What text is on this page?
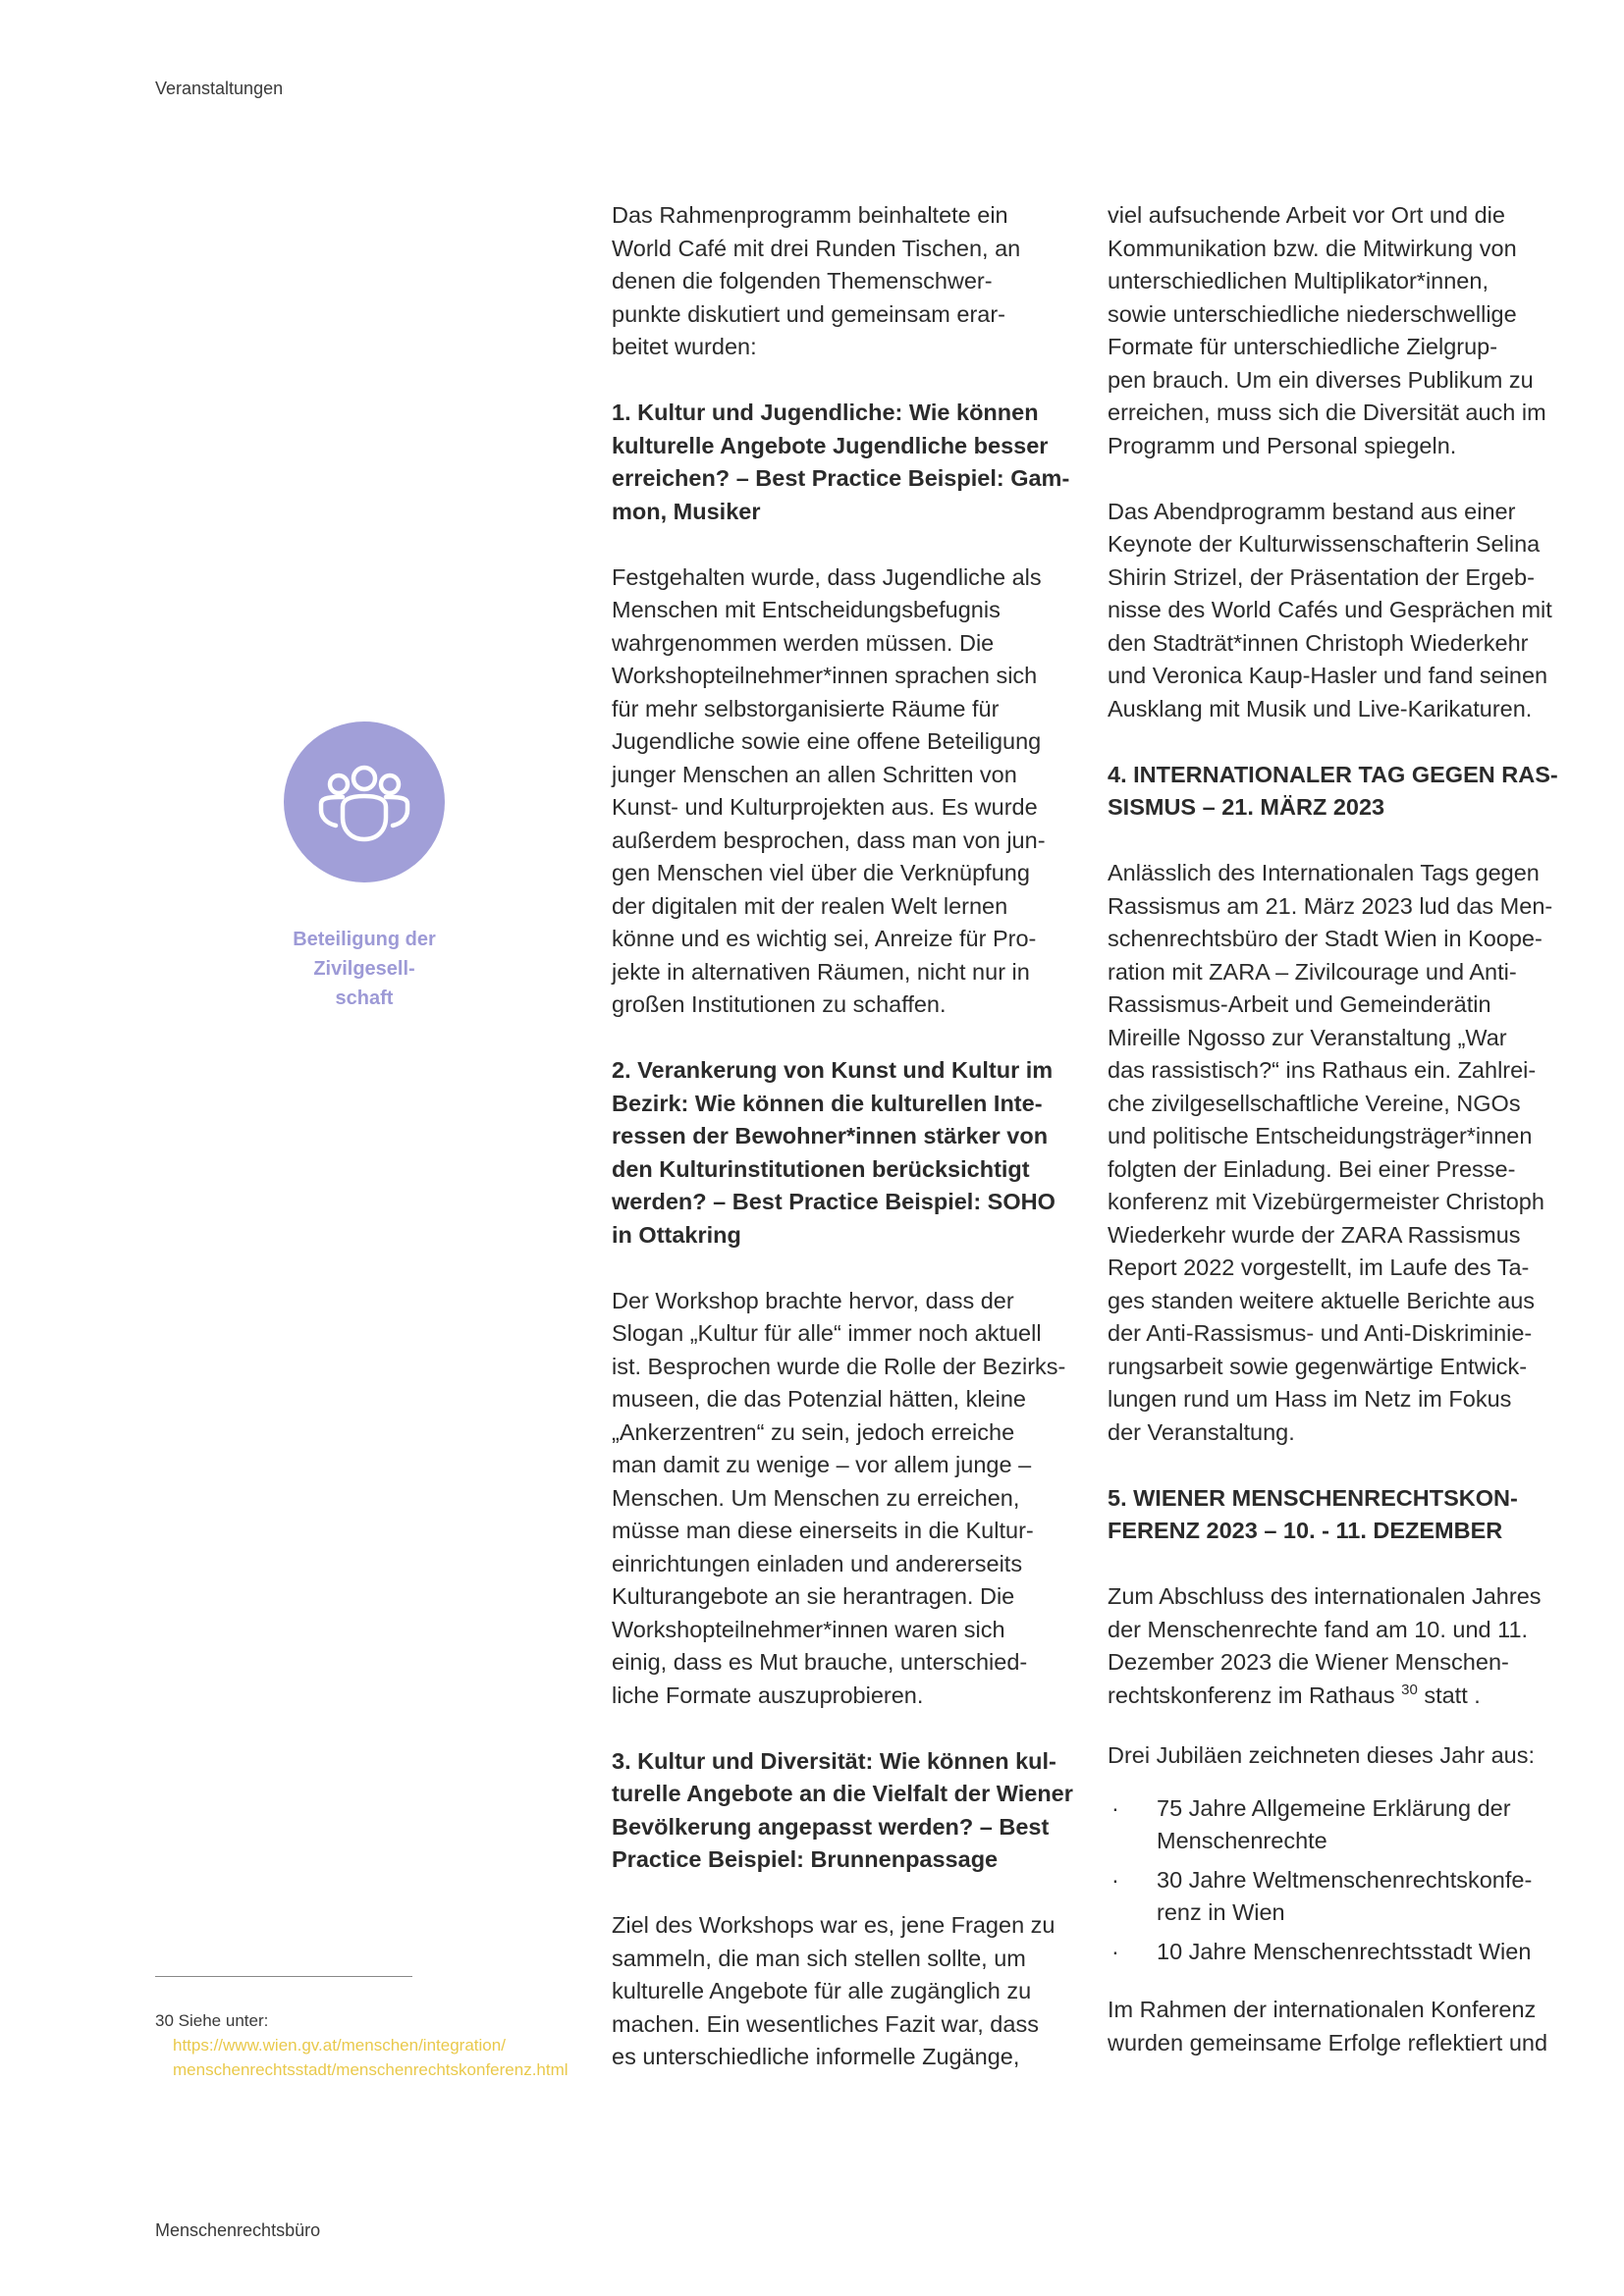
Veranstaltungen
Beteiligung der
Zivilgesell-
schaft
30 Siehe unter:
https://www.wien.gv.at/menschen/integration/
menschenrechtsstadt/menschenrechtskonferenz.html
Das Rahmenprogramm beinhaltete ein
World Café mit drei Runden Tischen, an
denen die folgenden Themenschwer-
punkte diskutiert und gemeinsam erar-
beitet wurden:
1. Kultur und Jugendliche: Wie können
kulturelle Angebote Jugendliche besser
erreichen? – Best Practice Beispiel: Gam-
mon, Musiker
Festgehalten wurde, dass Jugendliche als
Menschen mit Entscheidungsbefugnis
wahrgenommen werden müssen. Die
Workshopteilnehmer*innen sprachen sich
für mehr selbstorganisierte Räume für
Jugendliche sowie eine offene Beteiligung
junger Menschen an allen Schritten von
Kunst- und Kulturprojekten aus. Es wurde
außerdem besprochen, dass man von jun-
gen Menschen viel über die Verknüpfung
der digitalen mit der realen Welt lernen
könne und es wichtig sei, Anreize für Pro-
jekte in alternativen Räumen, nicht nur in
großen Institutionen zu schaffen.
2. Verankerung von Kunst und Kultur im
Bezirk: Wie können die kulturellen Inte-
ressen der Bewohner*innen stärker von
den Kulturinstitutionen berücksichtigt
werden? – Best Practice Beispiel: SOHO
in Ottakring
Der Workshop brachte hervor, dass der
Slogan „Kultur für alle“ immer noch aktuell
ist. Besprochen wurde die Rolle der Bezirks-
museen, die das Potenzial hätten, kleine
„Ankerzentren“ zu sein, jedoch erreiche
man damit zu wenige – vor allem junge –
Menschen. Um Menschen zu erreichen,
müsse man diese einerseits in die Kultur-
einrichtungen einladen und andererseits
Kulturangebote an sie herantragen. Die
Workshopteilnehmer*innen waren sich
einig, dass es Mut brauche, unterschied-
liche Formate auszuprobieren.
3. Kultur und Diversität: Wie können kul-
turelle Angebote an die Vielfalt der Wiener
Bevölkerung angepasst werden? – Best
Practice Beispiel: Brunnenpassage
Ziel des Workshops war es, jene Fragen zu
sammeln, die man sich stellen sollte, um
kulturelle Angebote für alle zugänglich zu
machen. Ein wesentliches Fazit war, dass
es unterschiedliche informelle Zugänge,
viel aufsuchende Arbeit vor Ort und die
Kommunikation bzw. die Mitwirkung von
unterschiedlichen Multiplikator*innen,
sowie unterschiedliche niederschwellige
Formate für unterschiedliche Zielgrup-
pen brauch. Um ein diverses Publikum zu
erreichen, muss sich die Diversität auch im
Programm und Personal spiegeln.
Das Abendprogramm bestand aus einer
Keynote der Kulturwissenschafterin Selina
Shirin Strizel, der Präsentation der Ergeb-
nisse des World Cafés und Gesprächen mit
den Stadträt*innen Christoph Wiederkehr
und Veronica Kaup-Hasler und fand seinen
Ausklang mit Musik und Live-Karikaturen.
4. INTERNATIONALER TAG GEGEN RAS-
SISMUS – 21. MÄRZ 2023
Anlässlich des Internationalen Tags gegen
Rassismus am 21. März 2023 lud das Men-
schenrechtsbüro der Stadt Wien in Koope-
ration mit ZARA – Zivilcourage und Anti-
Rassismus-Arbeit und Gemeinderätin
Mireille Ngosso zur Veranstaltung „War
das rassistisch?“ ins Rathaus ein. Zahlrei-
che zivilgesellschaftliche Vereine, NGOs
und politische Entscheidungsträger*innen
folgten der Einladung. Bei einer Presse-
konferenz mit Vizebürgermeister Christoph
Wiederkehr wurde der ZARA Rassismus
Report 2022 vorgestellt, im Laufe des Ta-
ges standen weitere aktuelle Berichte aus
der Anti-Rassismus- und Anti-Diskriminie-
rungsarbeit sowie gegenwärtige Entwick-
lungen rund um Hass im Netz im Fokus
der Veranstaltung.
5. WIENER MENSCHENRECHTSKON-
FERENZ 2023 – 10. - 11. DEZEMBER
Zum Abschluss des internationalen Jahres
der Menschenrechte fand am 10. und 11.
Dezember 2023 die Wiener Menschen-
rechtskonferenz im Rathaus $^{30}$ statt .
Drei Jubiläen zeichneten dieses Jahr aus:
· 75 Jahre Allgemeine Erklärung der
Menschenrechte
· 30 Jahre Weltmenschenrechtskonfe-
renz in Wien
· 10 Jahre Menschenrechtsstadt Wien
Im Rahmen der internationalen Konferenz
wurden gemeinsame Erfolge reflektiert und
Menschenrechtsbüro
